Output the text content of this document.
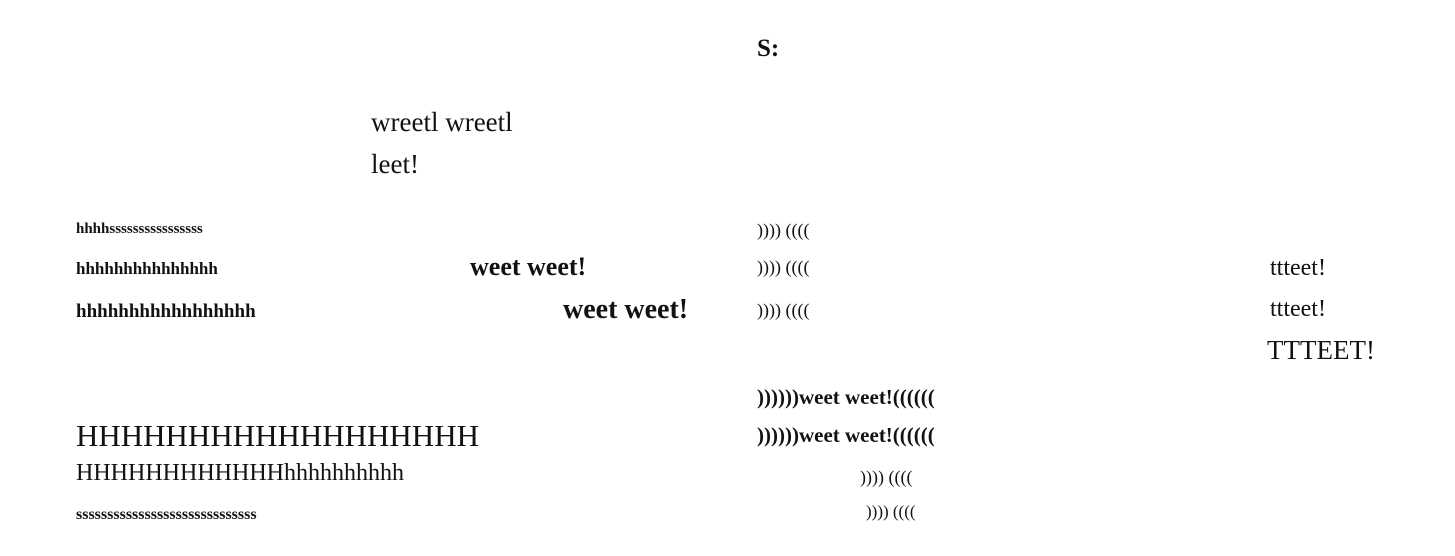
S:
wreetl wreetl
leet!
hhhhssssssssssssssss
hhhhhhhhhhhhhhh
hhhhhhhhhhhhhhhhh
weet weet!
weet weet!
)))) ((((
)))) ((((
)))) ((((
ttteet!
ttteet!
TTTEET!
))))))weet weet!((((((
))))))weet weet!((((((
HHHHHHHHHHHHHHHHHH
HHHHHHHHHHHHhhhhhhhhhh
sssssssssssssssssssssssssssss
)))) ((((
)))) ((((
